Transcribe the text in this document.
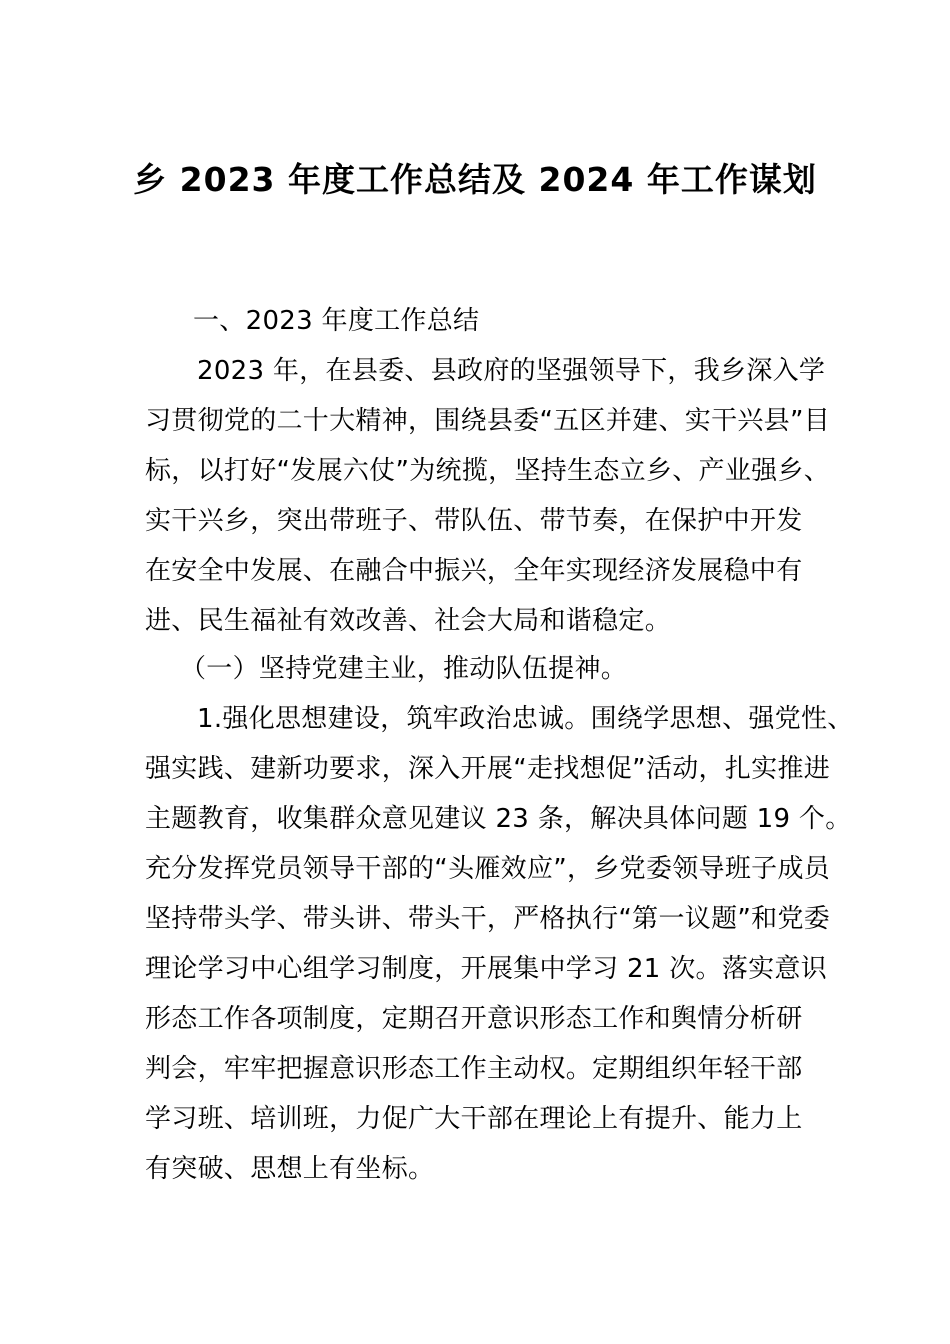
乡 2023 年度工作总结及 2024 年工作谋划

一、2023 年度工作总结

2023 年，在县委、县政府的坚强领导下，我乡深入学
习贯彻党的二十大精神，围绕县委“五区并建、实干兴县”目
标，以打好“发展六仗”为统揽，坚持生态立乡、产业强乡、
实干兴乡，突出带班子、带队伍、带节奏，在保护中开发
在安全中发展、在融合中振兴，全年实现经济发展稳中有
进、民生福祉有效改善、社会大局和谐稳定。

（一）坚持党建主业，推动队伍提神。

1.强化思想建设，筑牢政治忠诚。围绕学思想、强党性、
强实践、建新功要求，深入开展“走找想促”活动，扎实推进
主题教育，收集群众意见建议 23 条，解决具体问题 19 个。
充分发挥党员领导干部的“头雁效应”，乡党委领导班子成员
坚持带头学、带头讲、带头干，严格执行“第一议题”和党委
理论学习中心组学习制度，开展集中学习 21 次。落实意识
形态工作各项制度，定期召开意识形态工作和舆情分析研
判会，牢牢把握意识形态工作主动权。定期组织年轻干部
学习班、培训班，力促广大干部在理论上有提升、能力上
有突破、思想上有坐标。
